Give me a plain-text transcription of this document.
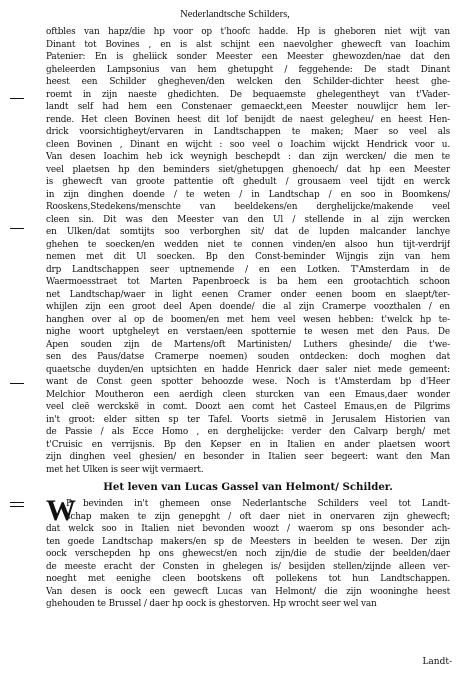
Nederlandtsche Schilders,
oftbles van hapz/die hp voor op t'hoofc hadde. Hp is gheboren niet wijt van
Dinant tot Bovines , en is alst schijnt een naevolgher ghewecft van Ioachim
Patenier: En is gheliick sonder Meester een Meester ghewozden/nae dat den
gheleerden Lampsonius van hem ghetupght / feggehende: De stadt Dinant
heest een Schilder ghegheven/den welcken den Schilder-dichter heest ghe-
roemt in zijn naeste ghedichten. De bequaemste ghelegentheyt van t'Vader-
landt self had hem een Constenaer gemaeckt,een Meester nouwlijcr hem ler-
rende. Het cleen Bovinen heest dit lof benijdt de naest gelegheu/ en heest Hen-
drick voorsichtigheyt/ervaren in Landtschappen te maken; Maer so veel als
cleen Bovinen , Dinant en wijcht : soo veel o Ioachim wijckt Hendrick voor u.
Van desen Ioachim heb ick weynigh beschepdt : dan zijn wercken/ die men te
veel plaetsen hp den beminders siet/ghetupgen ghenoech/ dat hp een Meester
is ghewecft van groote pattentie oft ghedult / grousaem veel tijdt en werck
in zijn dinghen doende / te weten / in Landtschap / en soo in Boomkens/
Rooskens,Stedekens/menschte van beeldekens/en derghelijcke/makende veel
cleen sin. Dit was den Meester van den Ul / stellende in al zijn wercken
en Ulken/dat somtijts soo verborghen sit/ dat de lupden malcander lanchye
ghehen te soecken/en wedden niet te connen vinden/en alsoo hun tijt-verdrijf
nemen met dit Ul soecken. Bp den Const-beminder Wijngis zijn van hem
drp Landtschappen seer uptnemende / en een Lotken. T'Amsterdam in de
Waermoesstraet tot Marten Papenbroeck is ba hem een grootachtich schoon
net Landtschap/waer in light eenen Cramer onder eenen boom en slaept/ter-
whijlen zijn een groot deel Apen doende/ die al zijn Cramerpe voozthalen / en
hanghen over al op de boomen/en met hem veel wesen hebben: t'welck hp te-
nighe woort uptgheleyt en verstaen/een spotternie te wesen met den Paus. De
Apen souden zijn de Martens/oft Martinisten/ Luthers ghesinde/ die t'we-
sen des Paus/datse Cramerpe noemen) souden ontdecken: doch moghen dat
quaetsche duyden/en uptsichten en hadde Henrick daer saler niet mede gemeent:
want de Const geen spotter behoozde wese. Noch is t'Amsterdam bp d'Heer
Melchior Moutheron een aerdigh cleen sturcken van een Emaus,daer wonder
veel cleë werckskë in comt. Doozt aen comt het Casteel Emaus,en de Pilgrims
in't groot: elder sitten sp ter Tafel. Voorts sietmë in Jerusalem Historien van
de Passie / als Ecce Homo , en derghelijcke: verder den Calvarp bergh/ met
t'Cruisic en verrijsnis. Bp den Kepser en in Italien en ander plaetsen woort
zijn dinghen veel ghesien/ en besonder in Italien seer begeert: want den Man
met het Ulken is seer wijt vermaert.
Het leven van Lucas Gassel van Helmont/ Schilder.
W
P bevinden in't ghemeen onse Nederlantsche Schilders veel tot Landt-
schap maken te zijn genepght / oft daer niet in onervaren zijn ghewecft;
dat welck soo in Italien niet bevonden woozt / waerom sp ons besonder ach-
ten goede Landtschap makers/en sp de Meesters in beelden te wesen. Der zijn
oock verschepden hp ons ghewecst/en noch zijn/die de studie der beelden/daer
de meeste eracht der Consten in ghelegen is/ besijden stellen/zijnde alleen ver-
noeght met eenighe cleen bootskens oft pollekens tot hun Landtschappen.
Van desen is oock een gewecft Lucas van Helmont/ die zijn wooninghe heest
ghehouden te Brussel / daer hp oock is ghestorven. Hp wrocht seer wel van
Landt-
